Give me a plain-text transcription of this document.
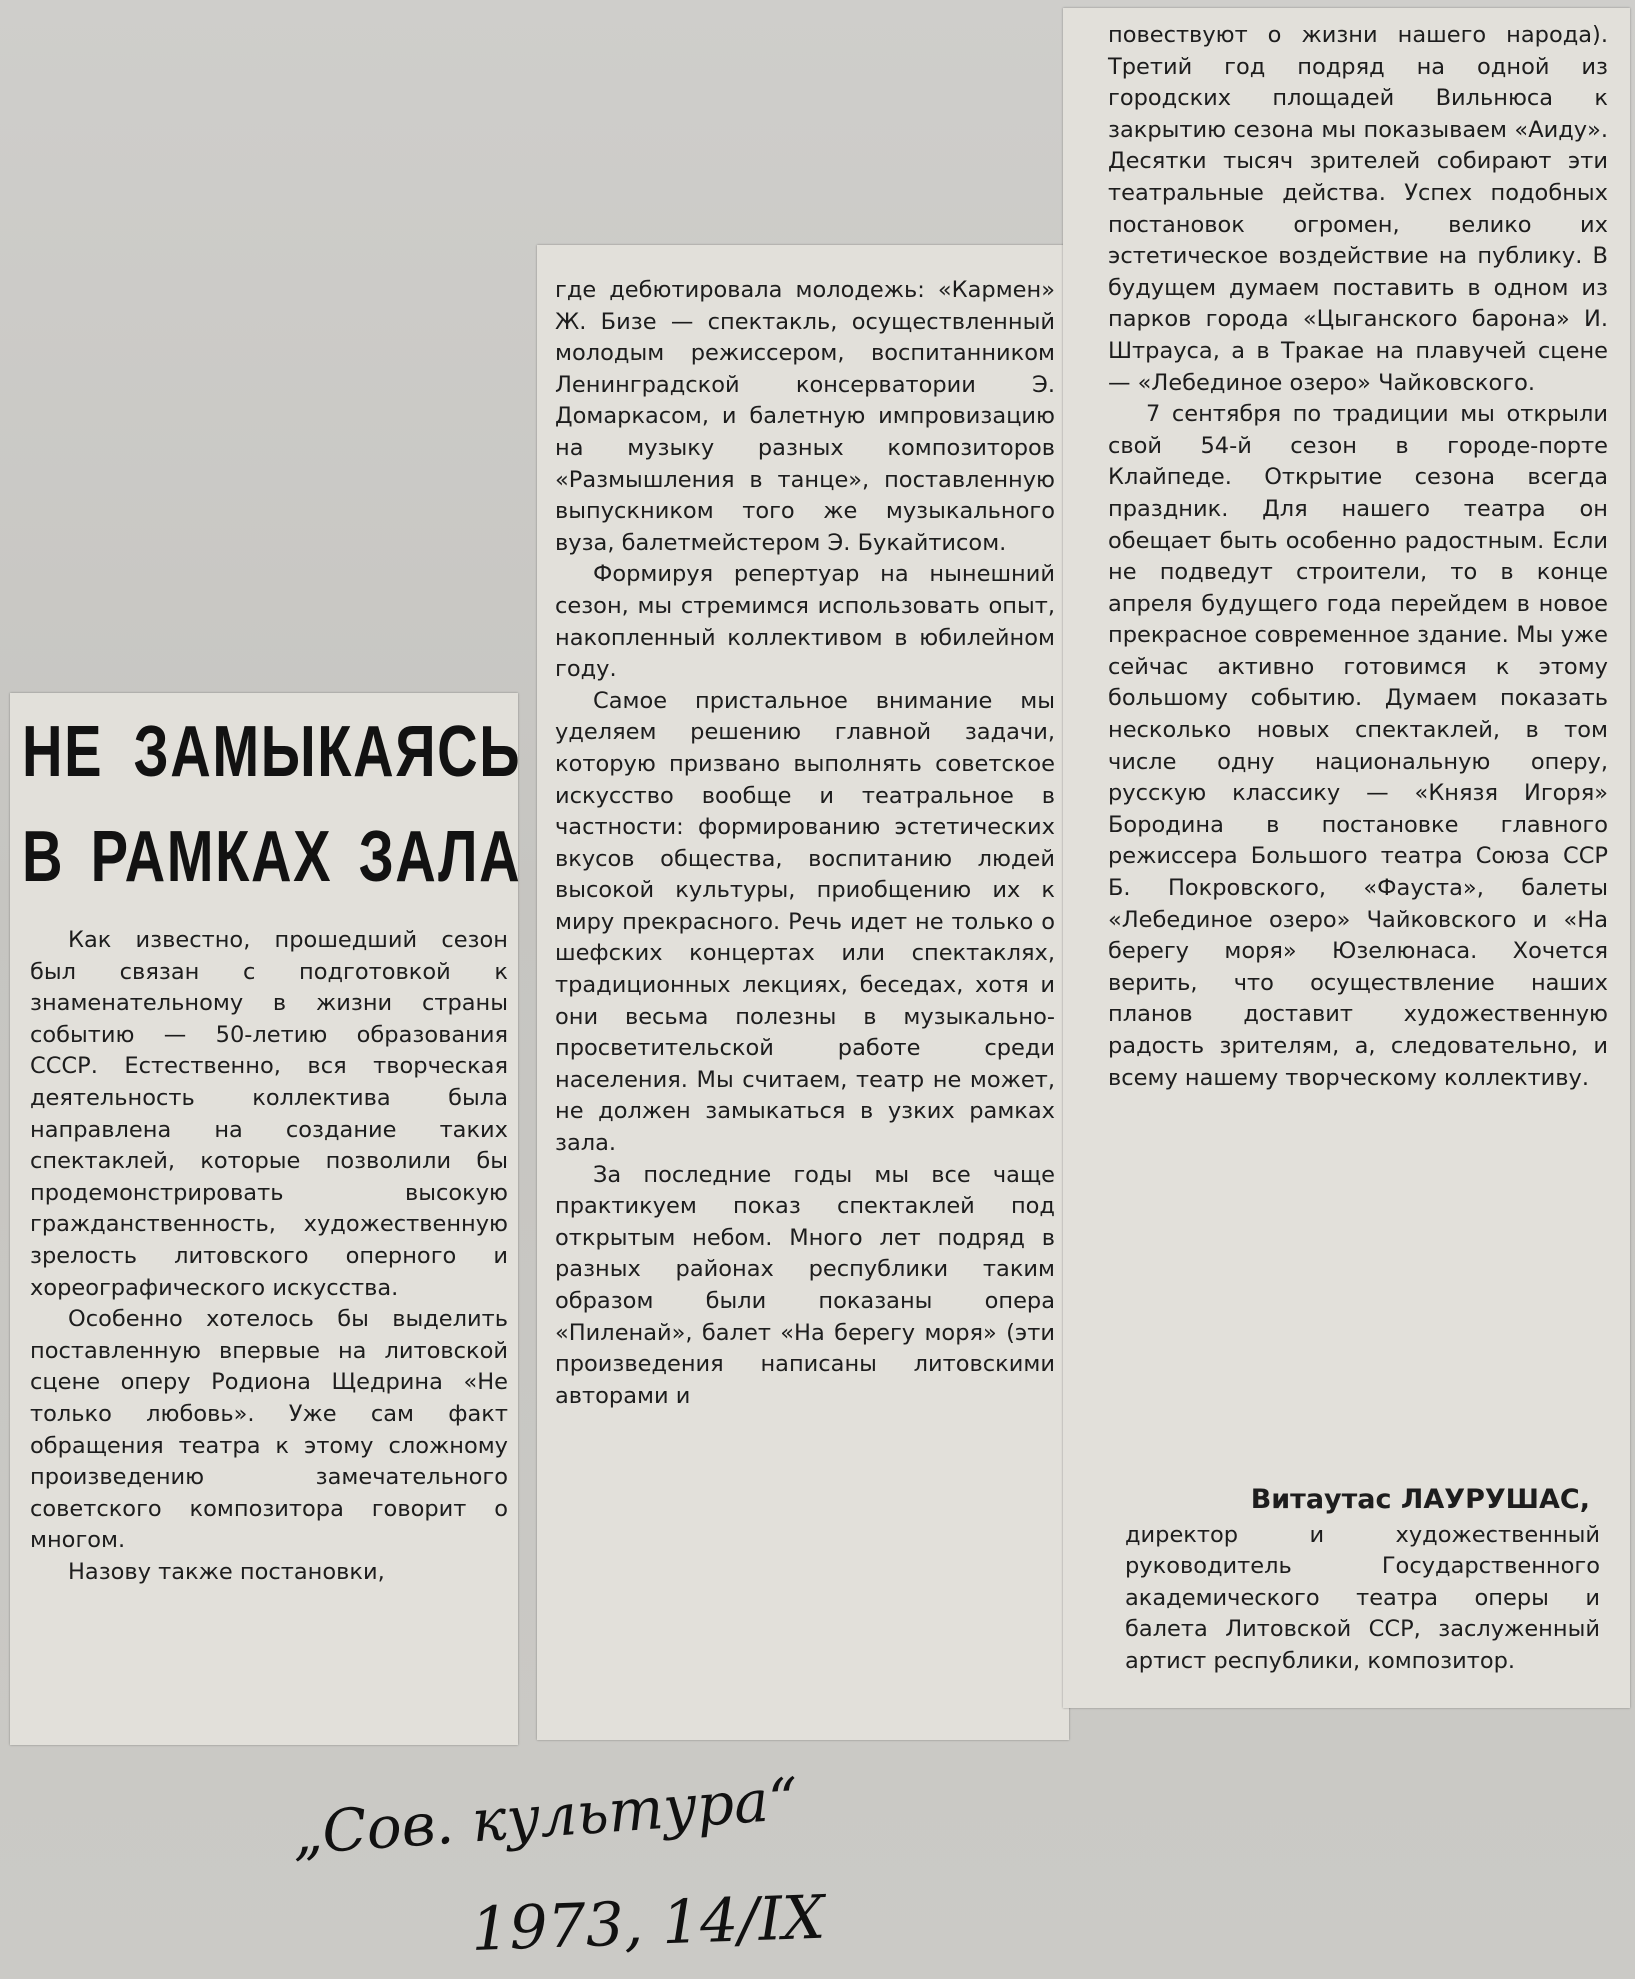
НЕ ЗАМЫКАЯСЬ
В РАМКАХ ЗАЛА

Как известно, прошедший сезон был связан с подготовкой к знаменательному в жизни страны событию — 50-летию образования СССР. Естественно, вся творческая деятельность коллектива была направлена на создание таких спектаклей, которые позволили бы продемонстрировать высокую гражданственность, художественную зрелость литовского оперного и хореографического искусства.

Особенно хотелось бы выделить поставленную впервые на литовской сцене оперу Родиона Щедрина «Не только любовь». Уже сам факт обращения театра к этому сложному произведению замечательного советского композитора говорит о многом.

Назову также постановки,

где дебютировала молодежь: «Кармен» Ж. Бизе — спектакль, осуществленный молодым режиссером, воспитанником Ленинградской консерватории Э. Домаркасом, и балетную импровизацию на музыку разных композиторов «Размышления в танце», поставленную выпускником того же музыкального вуза, балетмейстером Э. Букайтисом.

Формируя репертуар на нынешний сезон, мы стремимся использовать опыт, накопленный коллективом в юбилейном году.

Самое пристальное внимание мы уделяем решению главной задачи, которую призвано выполнять советское искусство вообще и театральное в частности: формированию эстетических вкусов общества, воспитанию людей высокой культуры, приобщению их к миру прекрасного. Речь идет не только о шефских концертах или спектаклях, традиционных лекциях, беседах, хотя и они весьма полезны в музыкально-просветительской работе среди населения. Мы считаем, театр не может, не должен замыкаться в узких рамках зала.

За последние годы мы все чаще практикуем показ спектаклей под открытым небом. Много лет подряд в разных районах республики таким образом были показаны опера «Пиленай», балет «На берегу моря» (эти произведения написаны литовскими авторами и

повествуют о жизни нашего народа). Третий год подряд на одной из городских площадей Вильнюса к закрытию сезона мы показываем «Аиду». Десятки тысяч зрителей собирают эти театральные действа. Успех подобных постановок огромен, велико их эстетическое воздействие на публику. В будущем думаем поставить в одном из парков города «Цыганского барона» И. Штрауса, а в Тракае на плавучей сцене — «Лебединое озеро» Чайковского.

7 сентября по традиции мы открыли свой 54-й сезон в городе-порте Клайпеде. Открытие сезона всегда праздник. Для нашего театра он обещает быть особенно радостным. Если не подведут строители, то в конце апреля будущего года перейдем в новое прекрасное современное здание. Мы уже сейчас активно готовимся к этому большому событию. Думаем показать несколько новых спектаклей, в том числе одну национальную оперу, русскую классику — «Князя Игоря» Бородина в постановке главного режиссера Большого театра Союза ССР Б. Покровского, «Фауста», балеты «Лебединое озеро» Чайковского и «На берегу моря» Юзелюнаса. Хочется верить, что осуществление наших планов доставит художественную радость зрителям, а, следовательно, и всему нашему творческому коллективу.

Витаутас ЛАУРУШАС,
директор и художественный руководитель Государственного академического театра оперы и балета Литовской ССР, заслуженный артист республики, композитор.
„Сов. культура“
1973, 14/IX
